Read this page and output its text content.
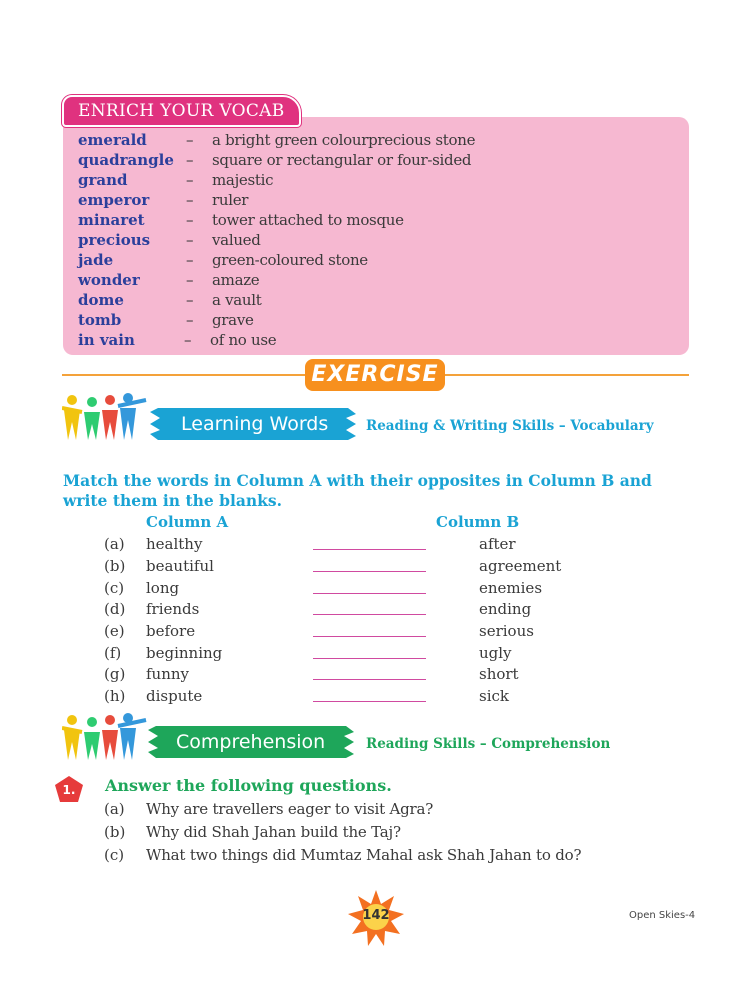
emerald	– a bright green colourprecious stone
quadrangle – square or rectangular or four-sided
grand	– majestic
emperor – ruler
minaret	– tower attached to mosque
precious – valued
jade	– green-coloured stone
wonder	– amaze
dome	– a vault
tomb	– grave
in vain	– of no use
ENRICH YOUR VOCAB
EXERCISE
Learning Words	Reading & Writing Skills – Vocabulary
Match the words in Column A with their opposites in Column B and write them in the blanks.
Column A	Column B
(a) healthy	after
(b) beautiful	agreement
(c) long	enemies
(d) friends	ending
(e) before	serious
(f) beginning	ugly
(g) funny	short
(h) dispute	sick
Comprehension	Reading Skills – Comprehension
1. Answer the following questions.
(a) Why are travellers eager to visit Agra?
(b) Why did Shah Jahan build the Taj?
(c) What two things did Mumtaz Mahal ask Shah Jahan to do?
142	Open Skies-4
